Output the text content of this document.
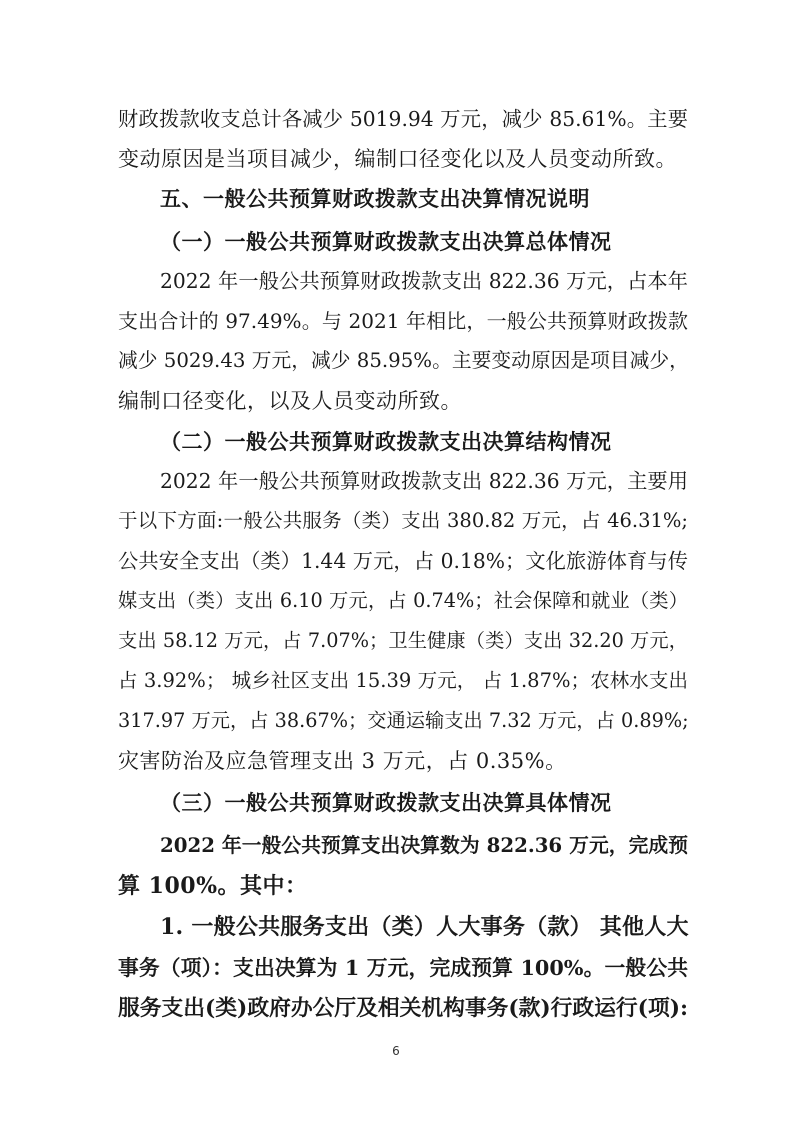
财政拨款收支总计各减少 5019.94 万元，减少 85.61%。主要
变动原因是当项目减少，编制口径变化以及人员变动所致。
五、一般公共预算财政拨款支出决算情况说明
（一）一般公共预算财政拨款支出决算总体情况
2022 年一般公共预算财政拨款支出 822.36 万元，占本年
支出合计的 97.49%。与 2021 年相比，一般公共预算财政拨款
减少 5029.43 万元，减少 85.95%。主要变动原因是项目减少，
编制口径变化，以及人员变动所致。
（二）一般公共预算财政拨款支出决算结构情况
2022 年一般公共预算财政拨款支出 822.36 万元，主要用
于以下方面:一般公共服务（类）支出 380.82 万元，占 46.31%;
公共安全支出（类）1.44 万元，占 0.18%；文化旅游体育与传
媒支出（类）支出 6.10 万元，占 0.74%；社会保障和就业（类）
支出 58.12 万元，占 7.07%；卫生健康（类）支出 32.20 万元，
占 3.92%； 城乡社区支出 15.39 万元， 占 1.87%；农林水支出
317.97 万元，占 38.67%；交通运输支出 7.32 万元，占 0.89%;
灾害防治及应急管理支出 3 万元，占 0.35%。
（三）一般公共预算财政拨款支出决算具体情况
2022 年一般公共预算支出决算数为 822.36 万元，完成预
算 100%。其中：
1. 一般公共服务支出（类）人大事务（款） 其他人大
事务（项）：支出决算为 1 万元，完成预算 100%。一般公共
服务支出(类)政府办公厅及相关机构事务(款)行政运行(项):
6
